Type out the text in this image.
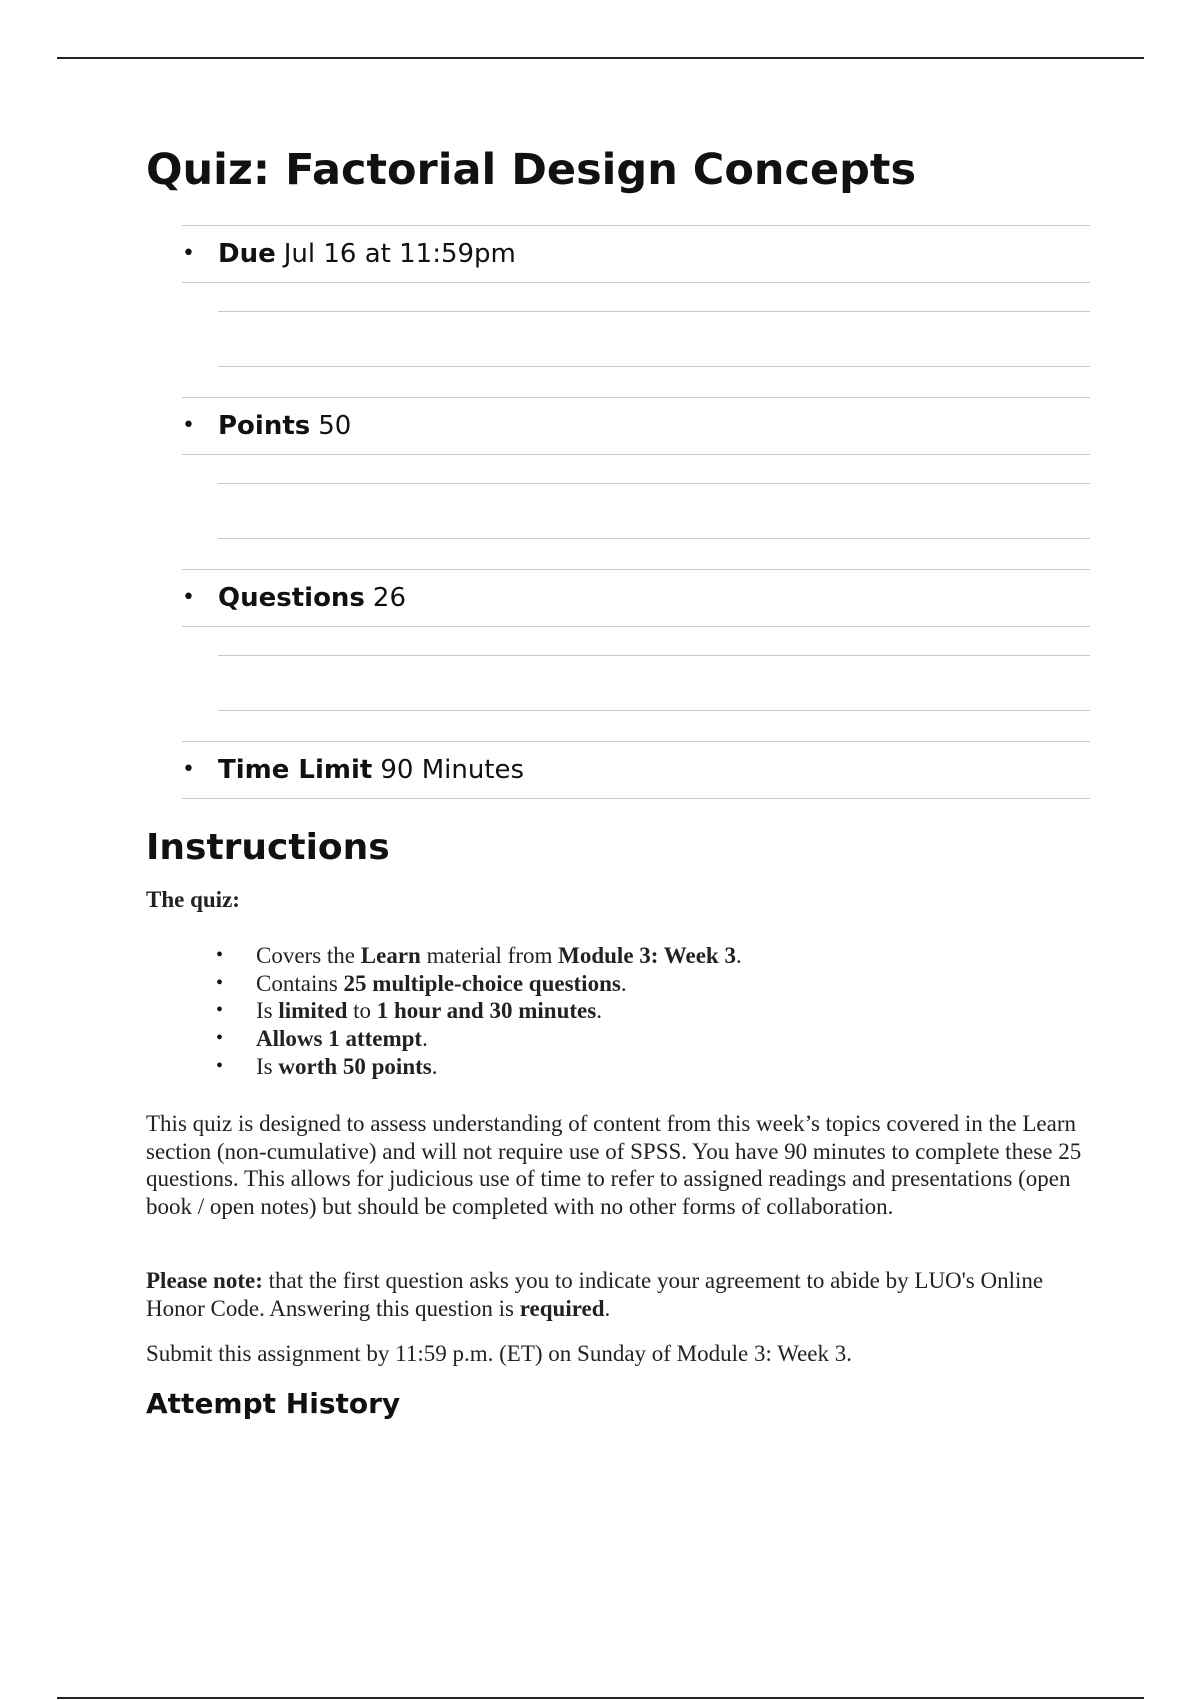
Quiz: Factorial Design Concepts
• Due Jul 16 at 11:59pm
• Points 50
• Questions 26
• Time Limit 90 Minutes
Instructions
The quiz:
• Covers the Learn material from Module 3: Week 3.
• Contains 25 multiple-choice questions.
• Is limited to 1 hour and 30 minutes.
• Allows 1 attempt.
• Is worth 50 points.

This quiz is designed to assess understanding of content from this week’s topics covered in the Learn section (non-cumulative) and will not require use of SPSS. You have 90 minutes to complete these 25 questions. This allows for judicious use of time to refer to assigned readings and presentations (open book / open notes) but should be completed with no other forms of collaboration.

Please note: that the first question asks you to indicate your agreement to abide by LUO's Online Honor Code. Answering this question is required.

Submit this assignment by 11:59 p.m. (ET) on Sunday of Module 3: Week 3.

Attempt History
